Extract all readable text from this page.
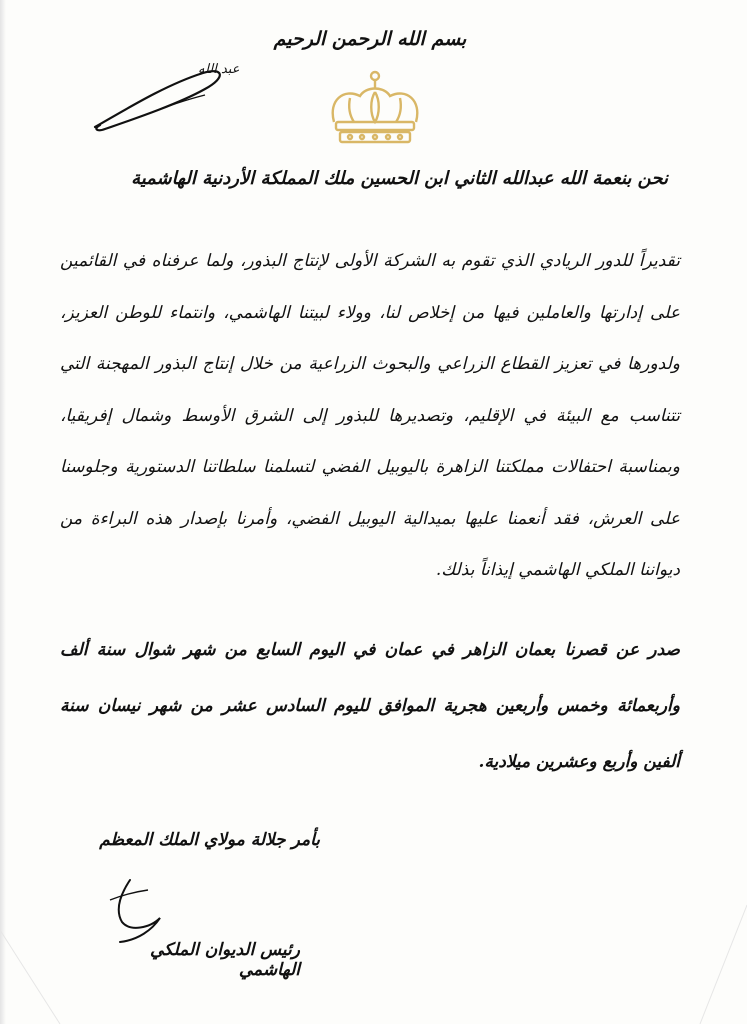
بسم الله الرحمن الرحيم
عبد الله
نحن بنعمة الله عبدالله الثاني ابن الحسين ملك المملكة الأردنية الهاشمية
تقديراً للدور الريادي الذي تقوم به الشركة الأولى لإنتاج البذور، ولما عرفناه في القائمين على إدارتها والعاملين فيها من إخلاص لنا، وولاء لبيتنا الهاشمي، وانتماء للوطن العزيز، ولدورها في تعزيز القطاع الزراعي والبحوث الزراعية من خلال إنتاج البذور المهجنة التي تتناسب مع البيئة في الإقليم، وتصديرها للبذور إلى الشرق الأوسط وشمال إفريقيا، وبمناسبة احتفالات مملكتنا الزاهرة باليوبيل الفضي لتسلمنا سلطاتنا الدستورية وجلوسنا على العرش، فقد أنعمنا عليها بميدالية اليوبيل الفضي، وأمرنا بإصدار هذه البراءة من ديواننا الملكي الهاشمي إيذاناً بذلك.
صدر عن قصرنا بعمان الزاهر في عمان في اليوم السابع من شهر شوال سنة ألف وأربعمائة وخمس وأربعين هجرية الموافق لليوم السادس عشر من شهر نيسان سنة ألفين وأربع وعشرين ميلادية.
بأمر جلالة مولاي الملك المعظم
رئيس الديوان الملكي الهاشمي
